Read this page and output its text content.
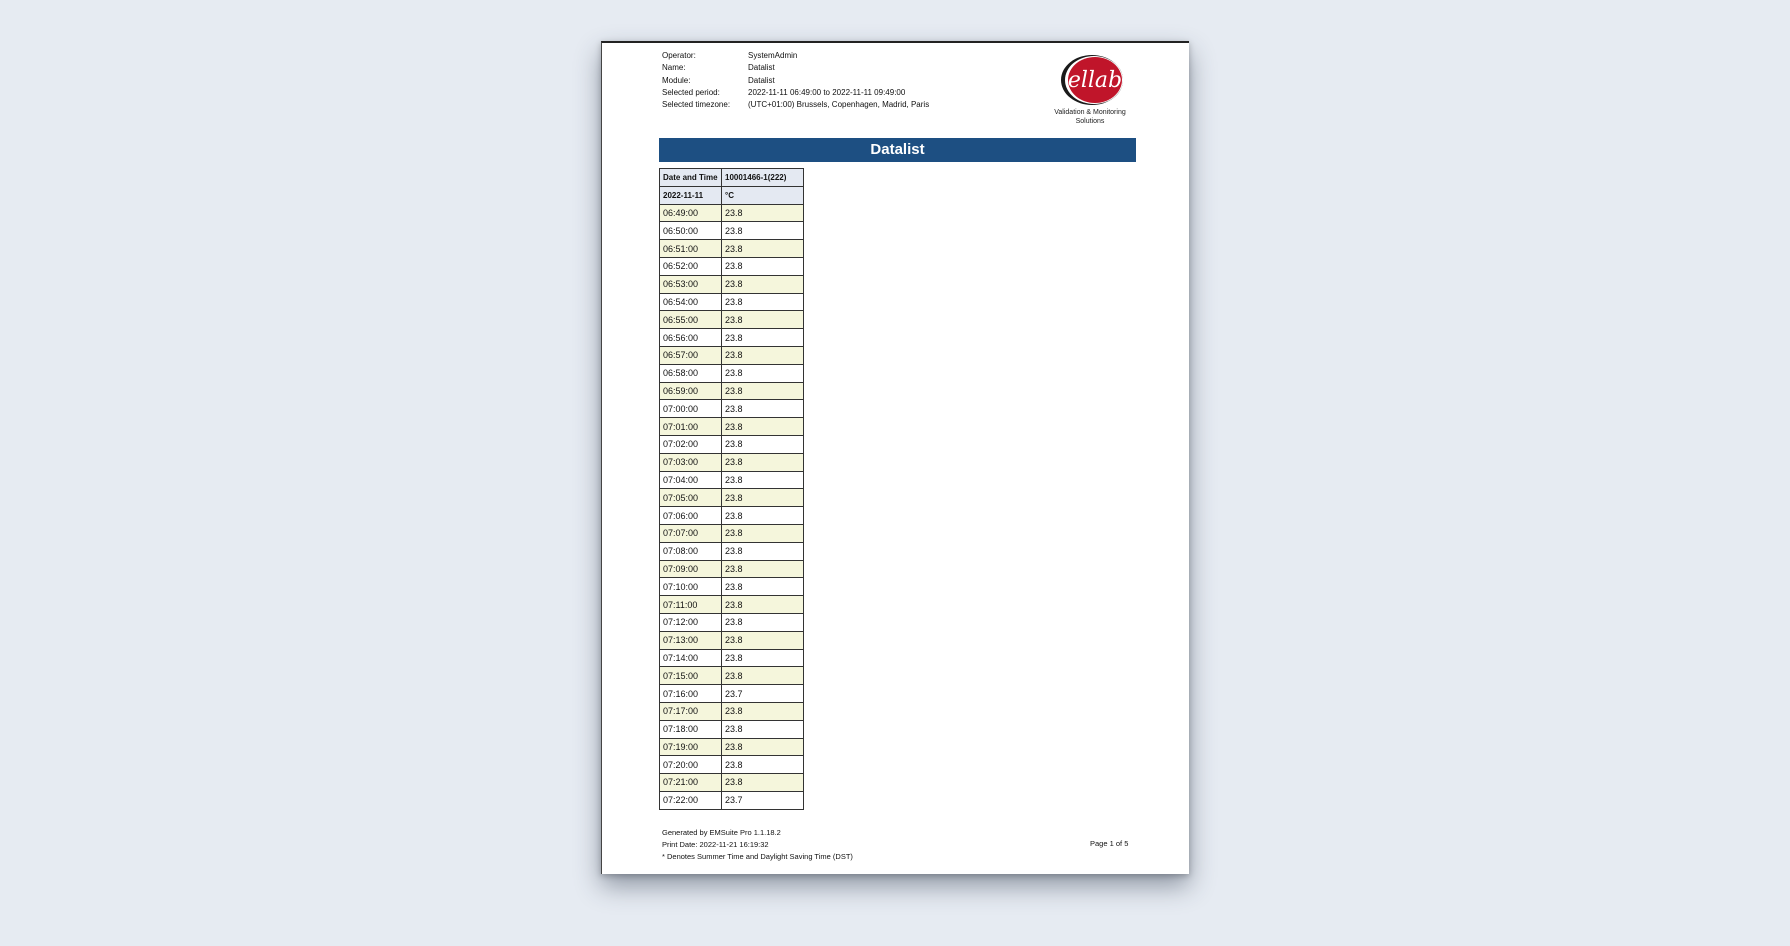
Operator:	SystemAdmin
Name:	Datalist
Module:	Datalist
Selected period:	2022-11-11 06:49:00 to 2022-11-11 09:49:00
Selected timezone:	(UTC+01:00) Brussels, Copenhagen, Madrid, Paris
ellab
Validation & Monitoring
Solutions
Datalist
Date and Time	10001466-1(222)
2022-11-11	°C
06:49:00	23.8
06:50:00	23.8
06:51:00	23.8
06:52:00	23.8
06:53:00	23.8
06:54:00	23.8
06:55:00	23.8
06:56:00	23.8
06:57:00	23.8
06:58:00	23.8
06:59:00	23.8
07:00:00	23.8
07:01:00	23.8
07:02:00	23.8
07:03:00	23.8
07:04:00	23.8
07:05:00	23.8
07:06:00	23.8
07:07:00	23.8
07:08:00	23.8
07:09:00	23.8
07:10:00	23.8
07:11:00	23.8
07:12:00	23.8
07:13:00	23.8
07:14:00	23.8
07:15:00	23.8
07:16:00	23.7
07:17:00	23.8
07:18:00	23.8
07:19:00	23.8
07:20:00	23.8
07:21:00	23.8
07:22:00	23.7
Generated by EMSuite Pro 1.1.18.2
Print Date: 2022-11-21 16:19:32
* Denotes Summer Time and Daylight Saving Time (DST)
Page 1 of 5
